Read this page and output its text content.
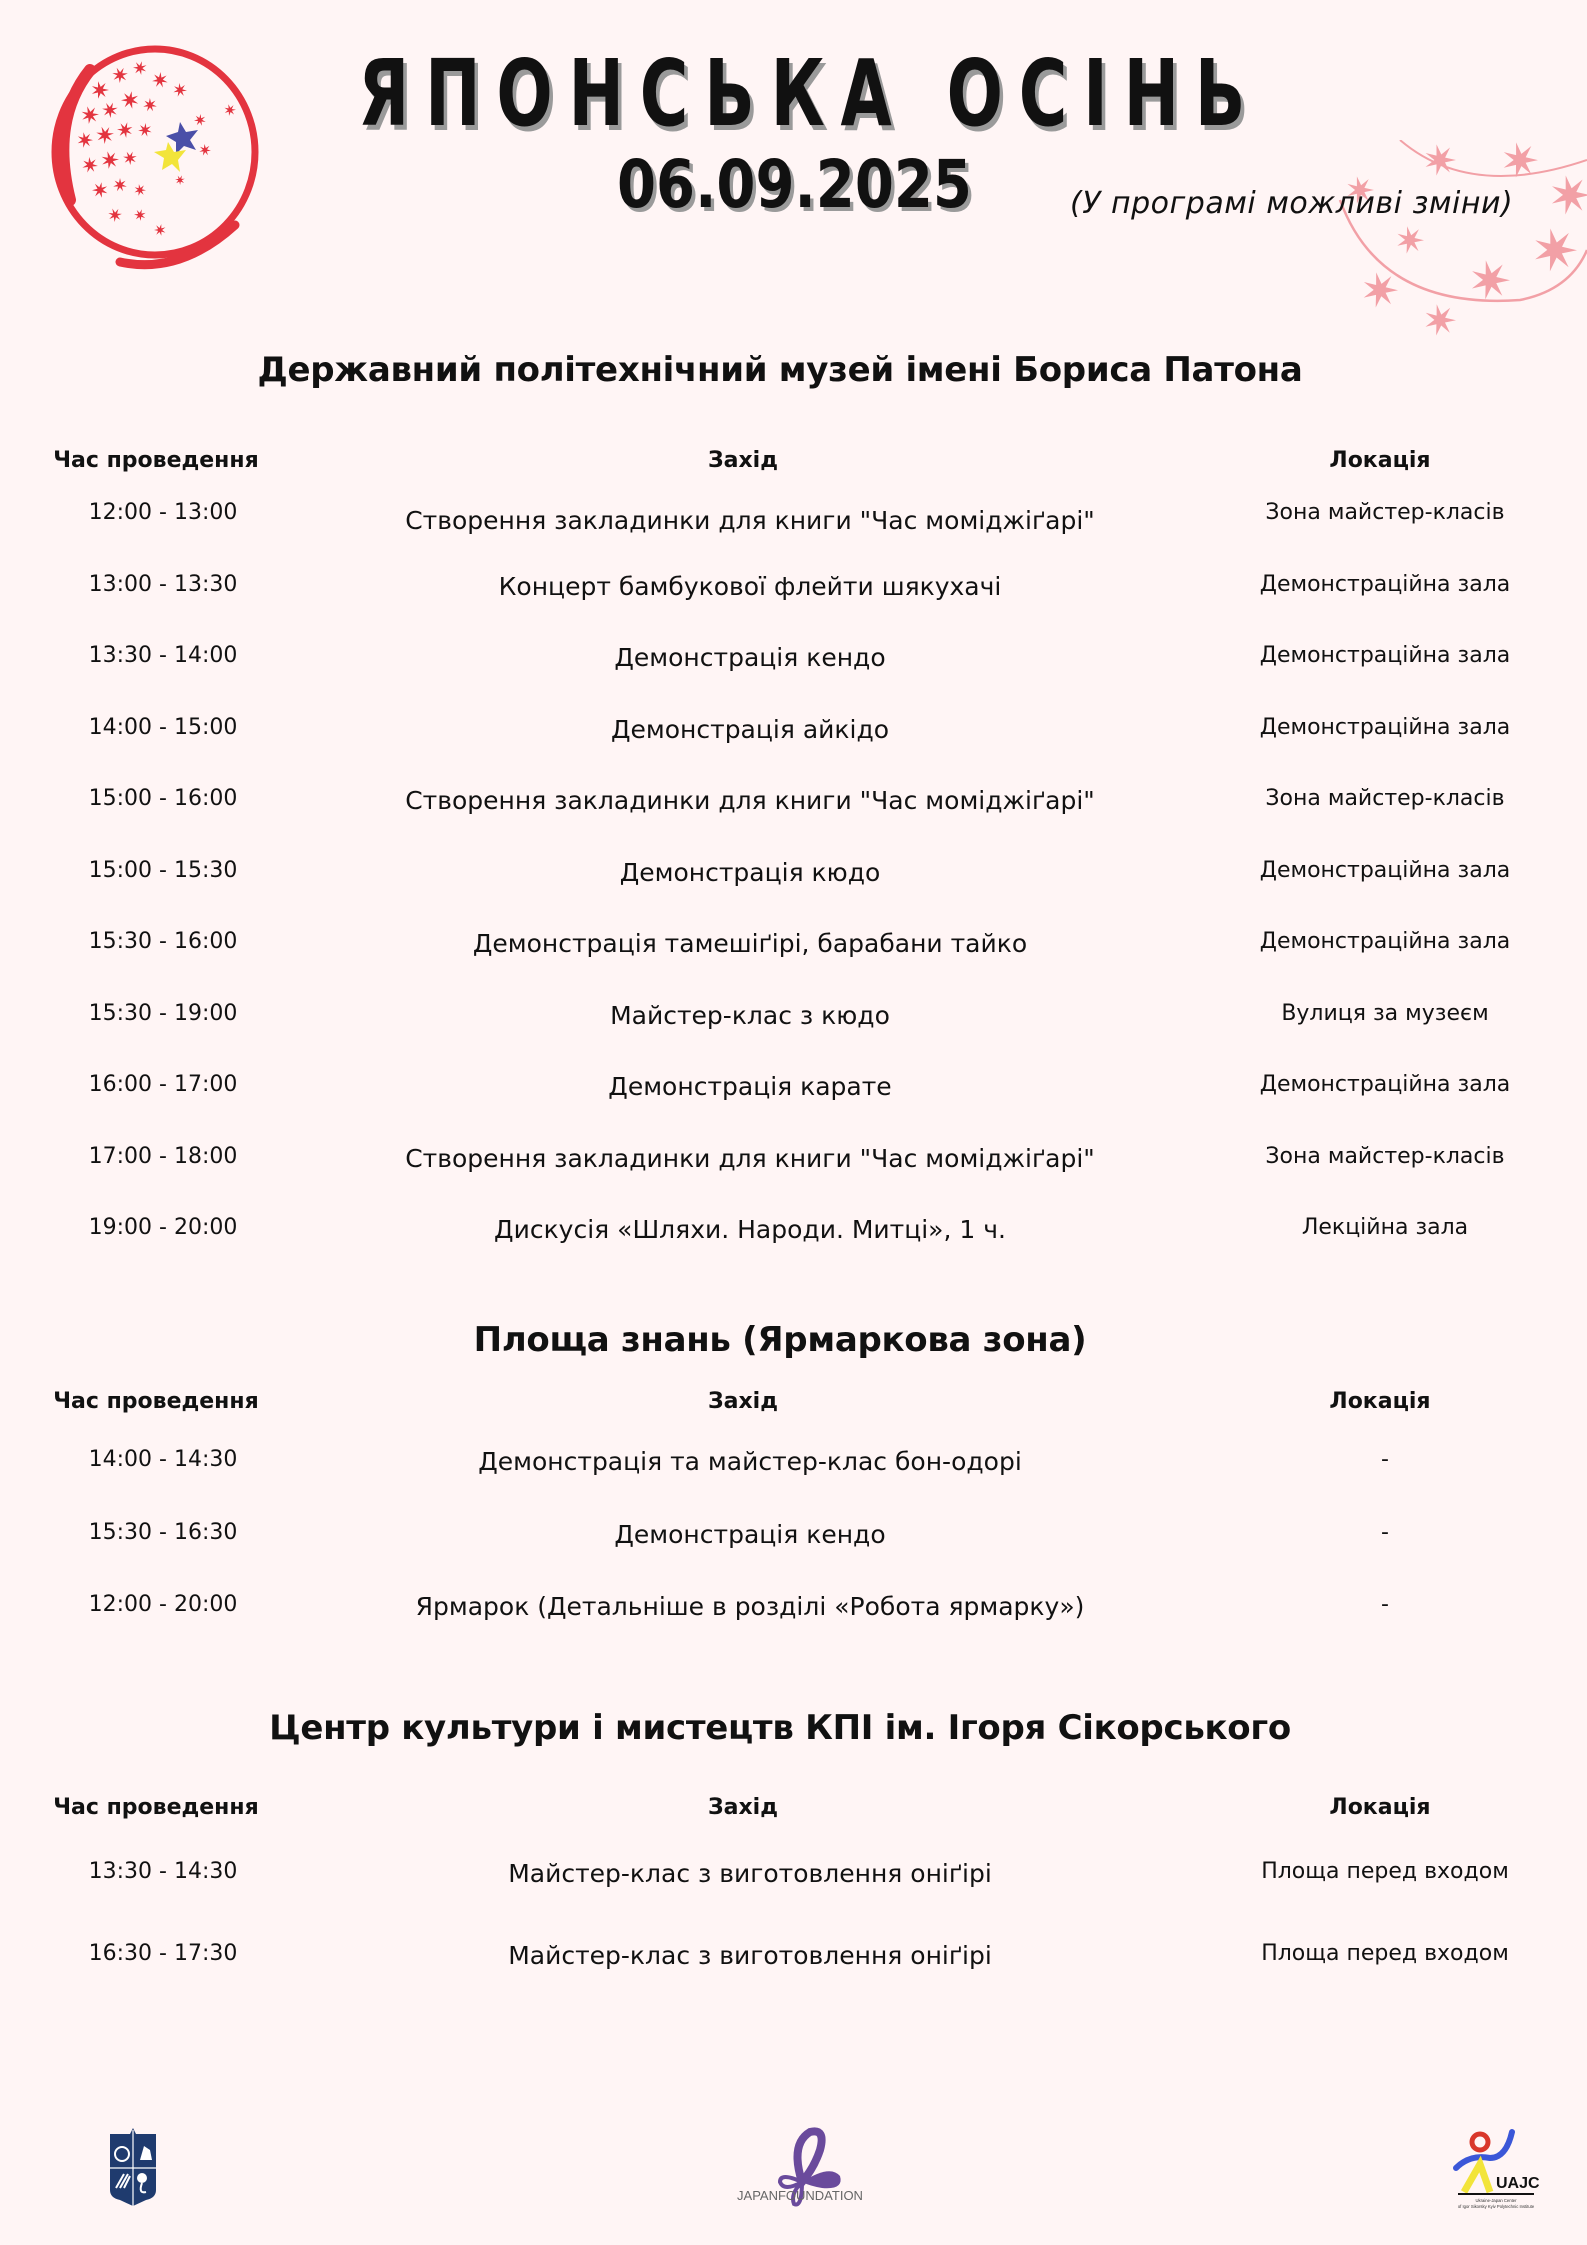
ЯПОНСЬКА ОСІНЬ
06.09.2025	(У програмі можливі зміни)
Державний політехнічний музей імені Бориса Патона
Час проведення	Захід	Локація
12:00 - 13:00	Створення закладинки для книги "Час моміджіґарі"	Зона майстер-класів
13:00 - 13:30	Концерт бамбукової флейти шякухачі	Демонстраційна зала
13:30 - 14:00	Демонстрація кендо	Демонстраційна зала
14:00 - 15:00	Демонстрація айкідо	Демонстраційна зала
15:00 - 16:00	Створення закладинки для книги "Час моміджіґарі"	Зона майстер-класів
15:00 - 15:30	Демонстрація кюдо	Демонстраційна зала
15:30 - 16:00	Демонстрація тамешіґірі, барабани тайко	Демонстраційна зала
15:30 - 19:00	Майстер-клас з кюдо	Вулиця за музеєм
16:00 - 17:00	Демонстрація карате	Демонстраційна зала
17:00 - 18:00	Створення закладинки для книги "Час моміджіґарі"	Зона майстер-класів
19:00 - 20:00	Дискусія «Шляхи. Народи. Митці», 1 ч.	Лекційна зала
Площа знань (Ярмаркова зона)
Час проведення	Захід	Локація
14:00 - 14:30	Демонстрація та майстер-клас бон-одорі	-
15:30 - 16:30	Демонстрація кендо	-
12:00 - 20:00	Ярмарок (Детальніше в розділі «Робота ярмарку»)	-
Центр культури і мистецтв КПІ ім. Ігоря Сікорського
Час проведення	Захід	Локація
13:30 - 14:30	Майстер-клас з виготовлення оніґірі	Площа перед входом
16:30 - 17:30	Майстер-клас з виготовлення оніґірі	Площа перед входом
JAPANFOUNDATION
UAJC
Ukraine-Japan Center
of Igor Sikorsky Kyiv Polytechnic Institute
